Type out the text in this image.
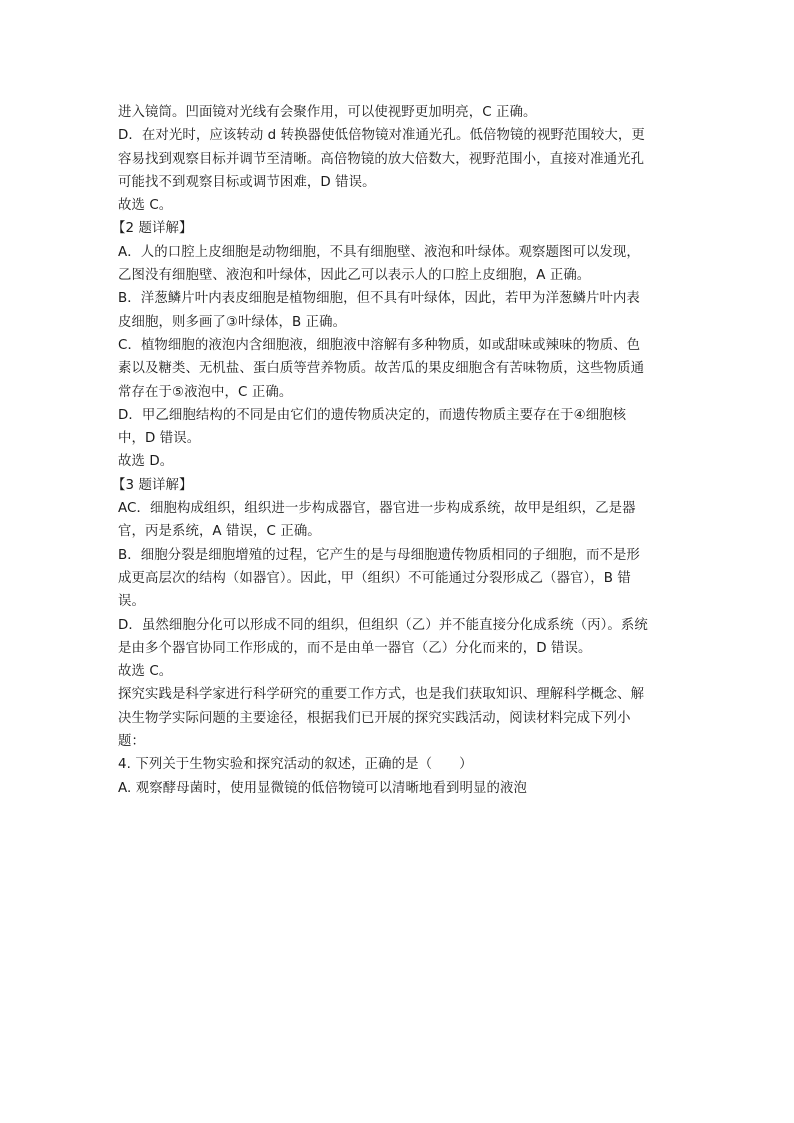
进入镜筒。凹面镜对光线有会聚作用，可以使视野更加明亮，C 正确。
D．在对光时，应该转动 d 转换器使低倍物镜对准通光孔。低倍物镜的视野范围较大，更
容易找到观察目标并调节至清晰。高倍物镜的放大倍数大，视野范围小，直接对准通光孔
可能找不到观察目标或调节困难，D 错误。
故选 C。
【2 题详解】
A．人的口腔上皮细胞是动物细胞，不具有细胞壁、液泡和叶绿体。观察题图可以发现，
乙图没有细胞壁、液泡和叶绿体，因此乙可以表示人的口腔上皮细胞，A 正确。
B．洋葱鳞片叶内表皮细胞是植物细胞，但不具有叶绿体，因此，若甲为洋葱鳞片叶内表
皮细胞，则多画了③叶绿体，B 正确。
C．植物细胞的液泡内含细胞液，细胞液中溶解有多种物质，如或甜味或辣味的物质、色
素以及糖类、无机盐、蛋白质等营养物质。故苦瓜的果皮细胞含有苦味物质，这些物质通
常存在于⑤液泡中，C 正确。
D．甲乙细胞结构的不同是由它们的遗传物质决定的，而遗传物质主要存在于④细胞核
中，D 错误。
故选 D。
【3 题详解】
AC．细胞构成组织，组织进一步构成器官，器官进一步构成系统，故甲是组织，乙是器
官，丙是系统，A 错误，C 正确。
B．细胞分裂是细胞增殖的过程，它产生的是与母细胞遗传物质相同的子细胞，而不是形
成更高层次的结构（如器官）。因此，甲（组织）不可能通过分裂形成乙（器官），B 错
误。
D．虽然细胞分化可以形成不同的组织，但组织（乙）并不能直接分化成系统（丙）。系统
是由多个器官协同工作形成的，而不是由单一器官（乙）分化而来的，D 错误。
故选 C。
探究实践是科学家进行科学研究的重要工作方式，也是我们获取知识、理解科学概念、解
决生物学实际问题的主要途径，根据我们已开展的探究实践活动，阅读材料完成下列小
题：
4. 下列关于生物实验和探究活动的叙述，正确的是（　　）
A. 观察酵母菌时，使用显微镜的低倍物镜可以清晰地看到明显的液泡
